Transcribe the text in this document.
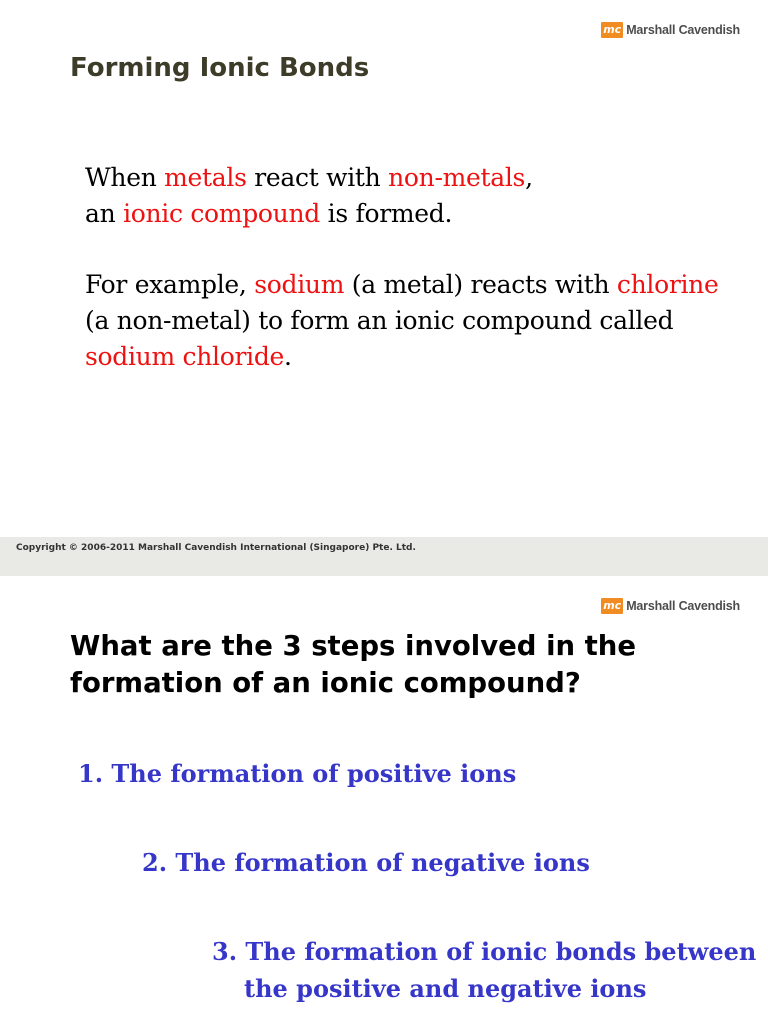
mc Marshall Cavendish
Forming Ionic Bonds
When metals react with non-metals,
an ionic compound is formed.
For example, sodium (a metal) reacts with chlorine
(a non-metal) to form an ionic compound called
sodium chloride.
Copyright © 2006-2011 Marshall Cavendish International (Singapore) Pte. Ltd.
mc Marshall Cavendish
What are the 3 steps involved in the
formation of an ionic compound?

1. The formation of positive ions

2. The formation of negative ions

3. The formation of ionic bonds between

the positive and negative ions
